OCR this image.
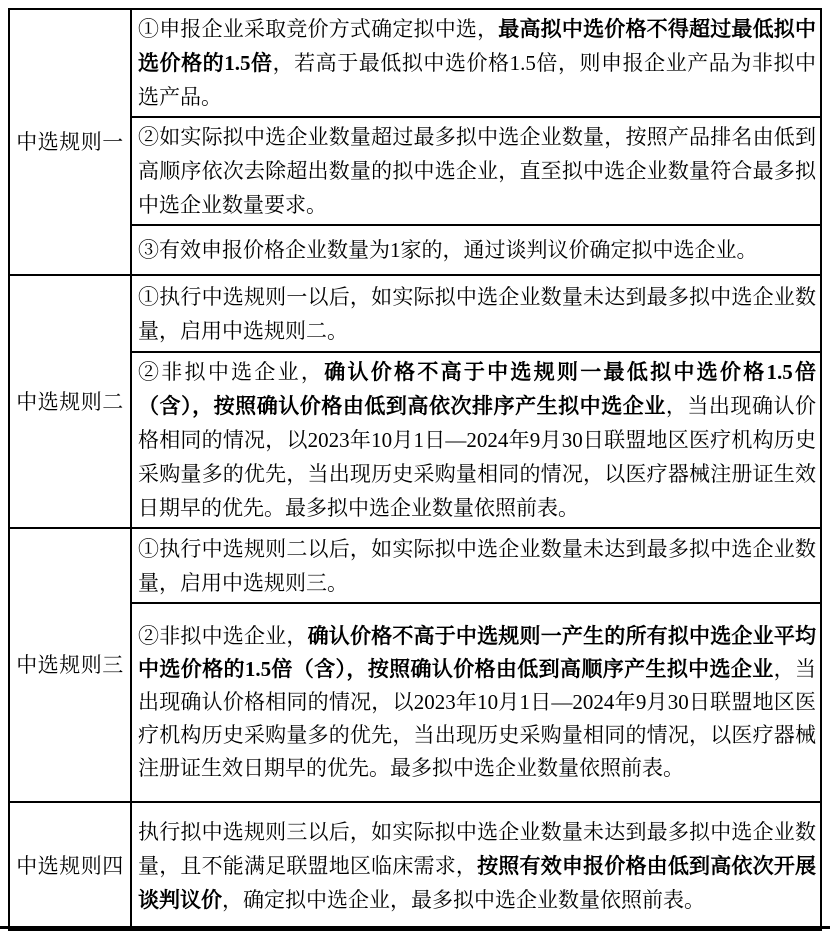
中选规则一	①申报企业采取竞价方式确定拟中选，最高拟中选价格不得超过最低拟中选价格的1.5倍，若高于最低拟中选价格1.5倍，则申报企业产品为非拟中选产品。

	②如实际拟中选企业数量超过最多拟中选企业数量，按照产品排名由低到高顺序依次去除超出数量的拟中选企业，直至拟中选企业数量符合最多拟中选企业数量要求。

	③有效申报价格企业数量为1家的，通过谈判议价确定拟中选企业。

中选规则二	①执行中选规则一以后，如实际拟中选企业数量未达到最多拟中选企业数量，启用中选规则二。

	②非拟中选企业，确认价格不高于中选规则一最低拟中选价格1.5倍（含），按照确认价格由低到高依次排序产生拟中选企业，当出现确认价格相同的情况，以2023年10月1日—2024年9月30日联盟地区医疗机构历史采购量多的优先，当出现历史采购量相同的情况，以医疗器械注册证生效日期早的优先。最多拟中选企业数量依照前表。

中选规则三	①执行中选规则二以后，如实际拟中选企业数量未达到最多拟中选企业数量，启用中选规则三。

	②非拟中选企业，确认价格不高于中选规则一产生的所有拟中选企业平均中选价格的1.5倍（含），按照确认价格由低到高顺序产生拟中选企业，当出现确认价格相同的情况，以2023年10月1日—2024年9月30日联盟地区医疗机构历史采购量多的优先，当出现历史采购量相同的情况，以医疗器械注册证生效日期早的优先。最多拟中选企业数量依照前表。

中选规则四	执行拟中选规则三以后，如实际拟中选企业数量未达到最多拟中选企业数量，且不能满足联盟地区临床需求，按照有效申报价格由低到高依次开展谈判议价，确定拟中选企业，最多拟中选企业数量依照前表。
